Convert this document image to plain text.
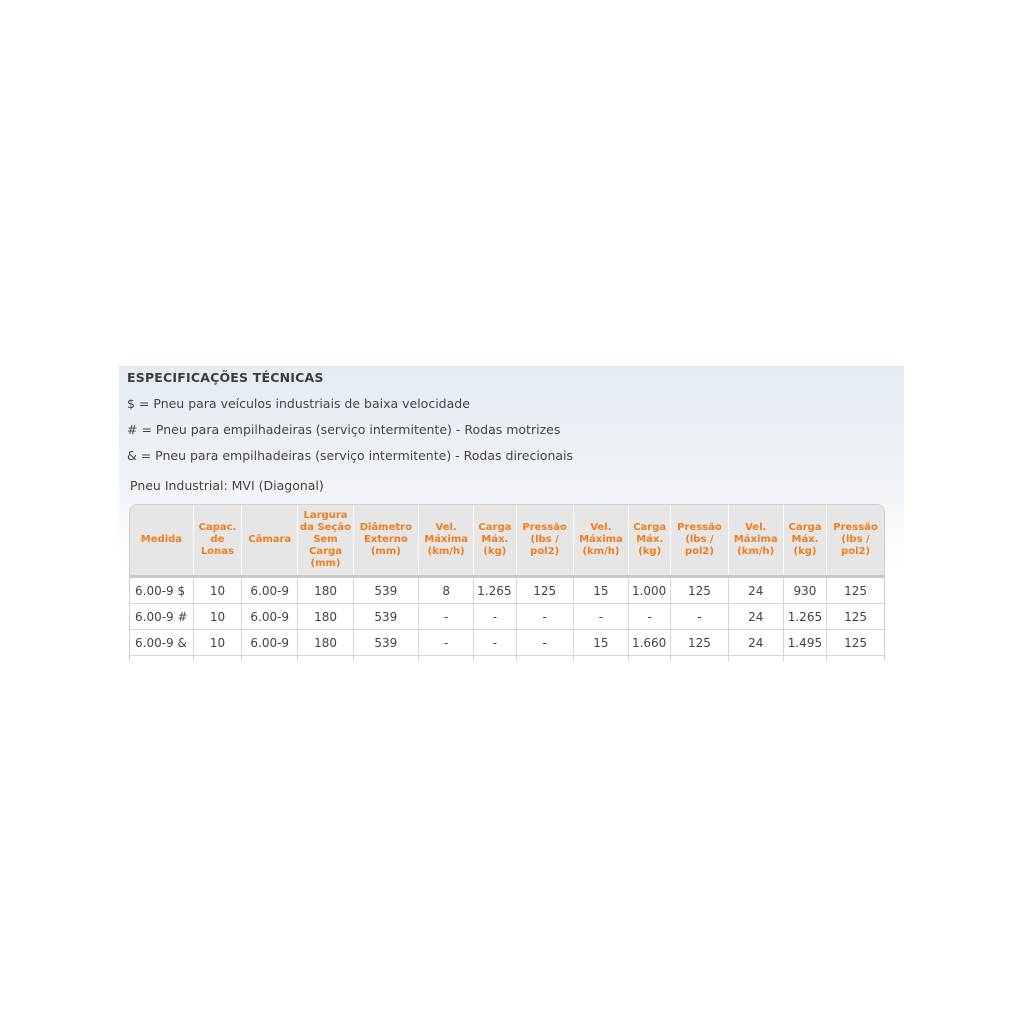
ESPECIFICAÇÕES TÉCNICAS
$ = Pneu para veículos industriais de baixa velocidade
# = Pneu para empilhadeiras (serviço intermitente) - Rodas motrizes
& = Pneu para empilhadeiras (serviço intermitente) - Rodas direcionais
Pneu Industrial: MVI (Diagonal)
Medida	Capac. de Lonas	Câmara	Largura da Seção Sem Carga (mm)	Diâmetro Externo (mm)	Vel. Máxima (km/h)	Carga Máx. (kg)	Pressão (lbs / pol2)	Vel. Máxima (km/h)	Carga Máx. (kg)	Pressão (lbs / pol2)	Vel. Máxima (km/h)	Carga Máx. (kg)	Pressão (lbs / pol2)
6.00-9 $	10	6.00-9	180	539	8	1.265	125	15	1.000	125	24	930	125
6.00-9 #	10	6.00-9	180	539	-	-	-	-	-	-	24	1.265	125
6.00-9 &	10	6.00-9	180	539	-	-	-	15	1.660	125	24	1.495	125
